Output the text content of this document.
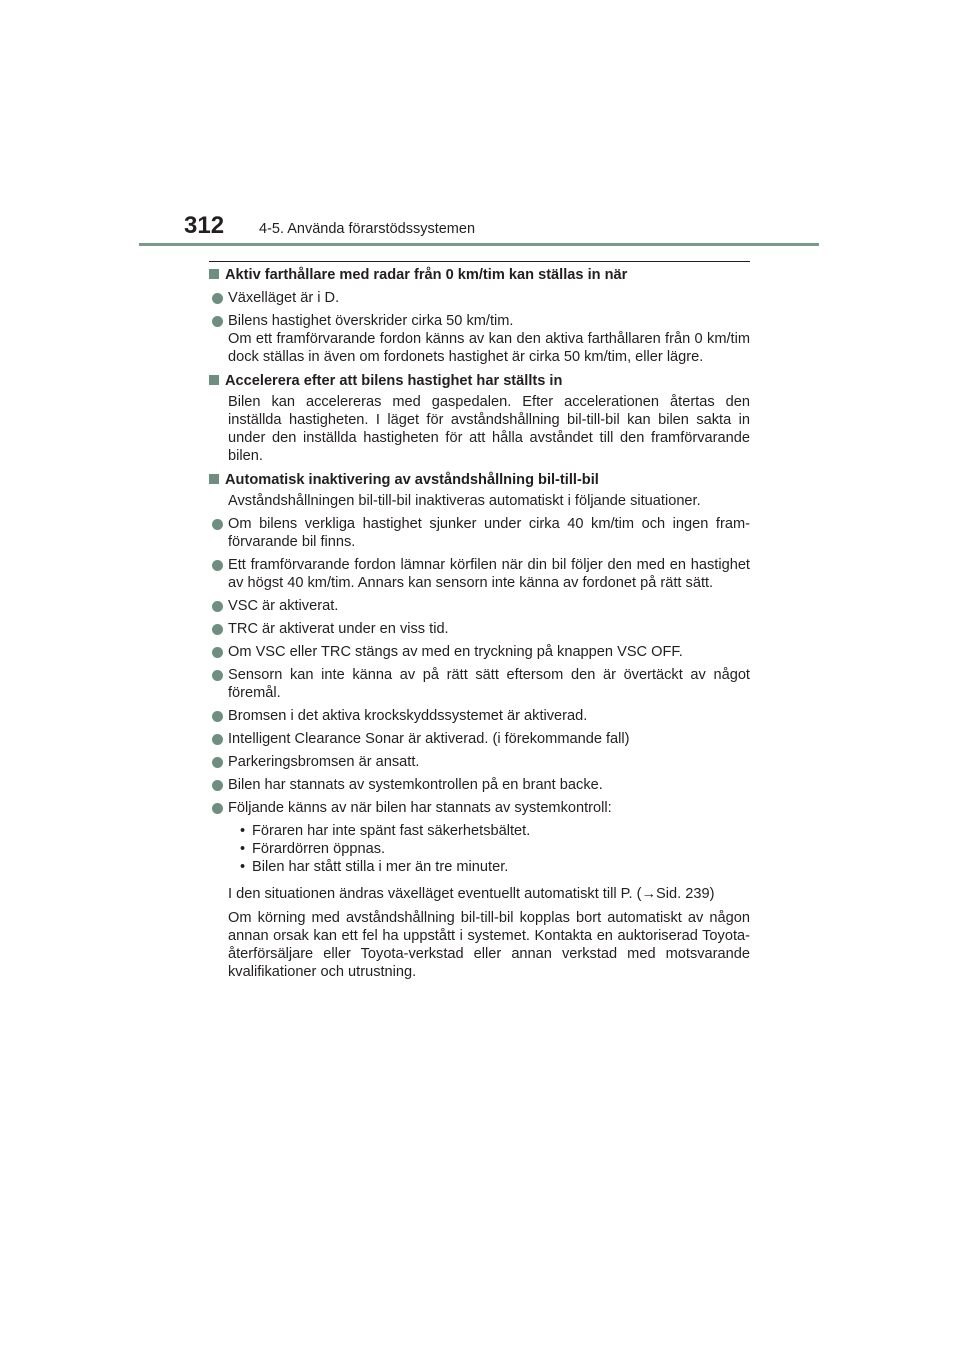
312 4-5. Använda förarstödssystemen
Aktiv farthållare med radar från 0 km/tim kan ställas in när
Växelläget är i D.
Bilens hastighet överskrider cirka 50 km/tim.
Om ett framförvarande fordon känns av kan den aktiva farthållaren från 0 km/tim dock ställas in även om fordonets hastighet är cirka 50 km/tim, eller lägre.
Accelerera efter att bilens hastighet har ställts in
Bilen kan accelereras med gaspedalen. Efter accelerationen återtas den inställda hastigheten. I läget för avståndshållning bil-till-bil kan bilen sakta in under den inställda hastigheten för att hålla avståndet till den framförvarande bilen.
Automatisk inaktivering av avståndshållning bil-till-bil
Avståndshållningen bil-till-bil inaktiveras automatiskt i följande situationer.
Om bilens verkliga hastighet sjunker under cirka 40 km/tim och ingen framförvarande bil finns.
Ett framförvarande fordon lämnar körfilen när din bil följer den med en hastighet av högst 40 km/tim. Annars kan sensorn inte känna av fordonet på rätt sätt.
VSC är aktiverat.
TRC är aktiverat under en viss tid.
Om VSC eller TRC stängs av med en tryckning på knappen VSC OFF.
Sensorn kan inte känna av på rätt sätt eftersom den är övertäckt av något föremål.
Bromsen i det aktiva krockskyddssystemet är aktiverad.
Intelligent Clearance Sonar är aktiverad. (i förekommande fall)
Parkeringsbromsen är ansatt.
Bilen har stannats av systemkontrollen på en brant backe.
Följande känns av när bilen har stannats av systemkontroll:
• Föraren har inte spänt fast säkerhetsbältet.
• Förardörren öppnas.
• Bilen har stått stilla i mer än tre minuter.
I den situationen ändras växelläget eventuellt automatiskt till P. (→Sid. 239)
Om körning med avståndshållning bil-till-bil kopplas bort automatiskt av någon annan orsak kan ett fel ha uppstått i systemet. Kontakta en auktoriserad Toyota-återförsäljare eller Toyota-verkstad eller annan verkstad med motsvarande kvalifikationer och utrustning.
